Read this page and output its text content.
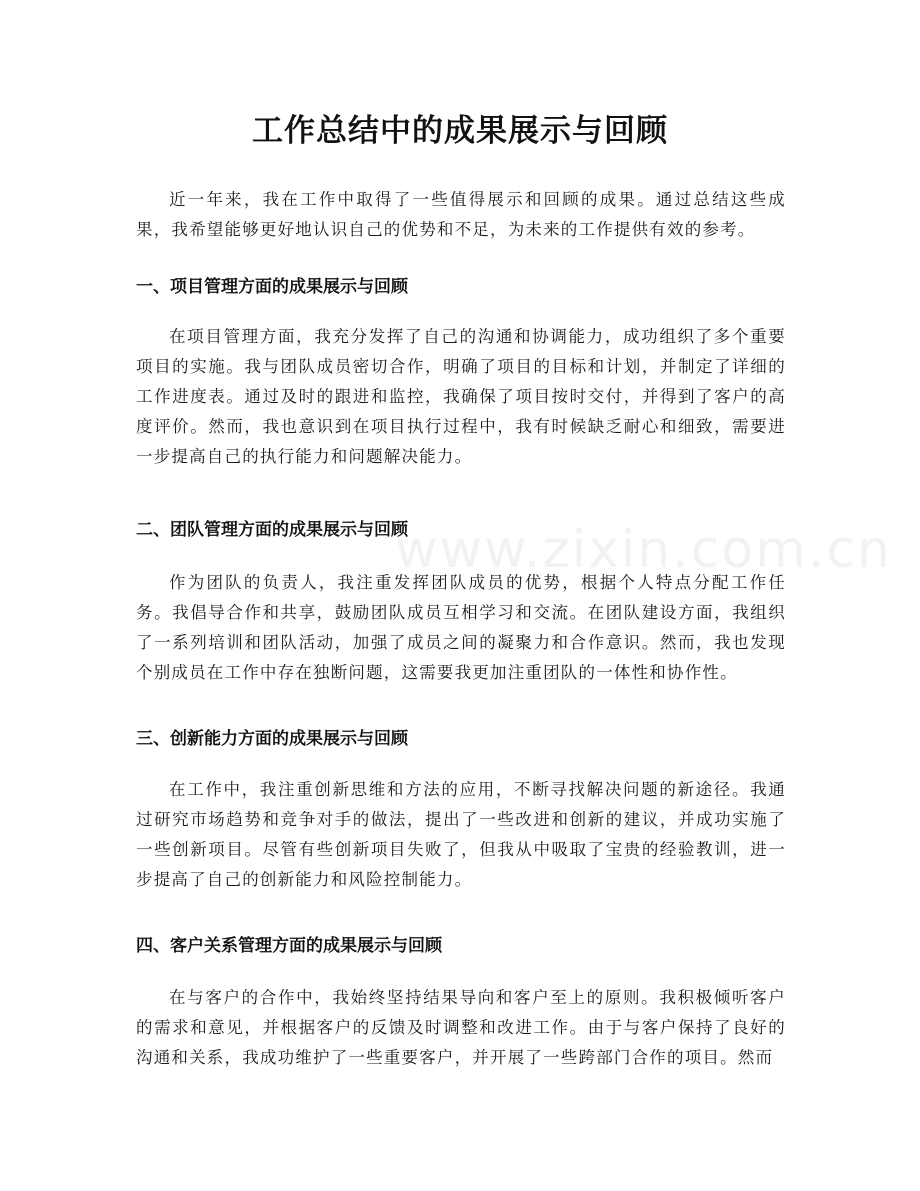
工作总结中的成果展示与回顾
近一年来，我在工作中取得了一些值得展示和回顾的成果。通过总结这些成果，我希望能够更好地认识自己的优势和不足，为未来的工作提供有效的参考。
一、项目管理方面的成果展示与回顾
在项目管理方面，我充分发挥了自己的沟通和协调能力，成功组织了多个重要项目的实施。我与团队成员密切合作，明确了项目的目标和计划，并制定了详细的工作进度表。通过及时的跟进和监控，我确保了项目按时交付，并得到了客户的高度评价。然而，我也意识到在项目执行过程中，我有时候缺乏耐心和细致，需要进一步提高自己的执行能力和问题解决能力。
二、团队管理方面的成果展示与回顾
作为团队的负责人，我注重发挥团队成员的优势，根据个人特点分配工作任务。我倡导合作和共享，鼓励团队成员互相学习和交流。在团队建设方面，我组织了一系列培训和团队活动，加强了成员之间的凝聚力和合作意识。然而，我也发现个别成员在工作中存在独断问题，这需要我更加注重团队的一体性和协作性。
三、创新能力方面的成果展示与回顾
在工作中，我注重创新思维和方法的应用，不断寻找解决问题的新途径。我通过研究市场趋势和竞争对手的做法，提出了一些改进和创新的建议，并成功实施了一些创新项目。尽管有些创新项目失败了，但我从中吸取了宝贵的经验教训，进一步提高了自己的创新能力和风险控制能力。
四、客户关系管理方面的成果展示与回顾
在与客户的合作中，我始终坚持结果导向和客户至上的原则。我积极倾听客户的需求和意见，并根据客户的反馈及时调整和改进工作。由于与客户保持了良好的沟通和关系，我成功维护了一些重要客户，并开展了一些跨部门合作的项目。然而
www.zixin.com.cn
